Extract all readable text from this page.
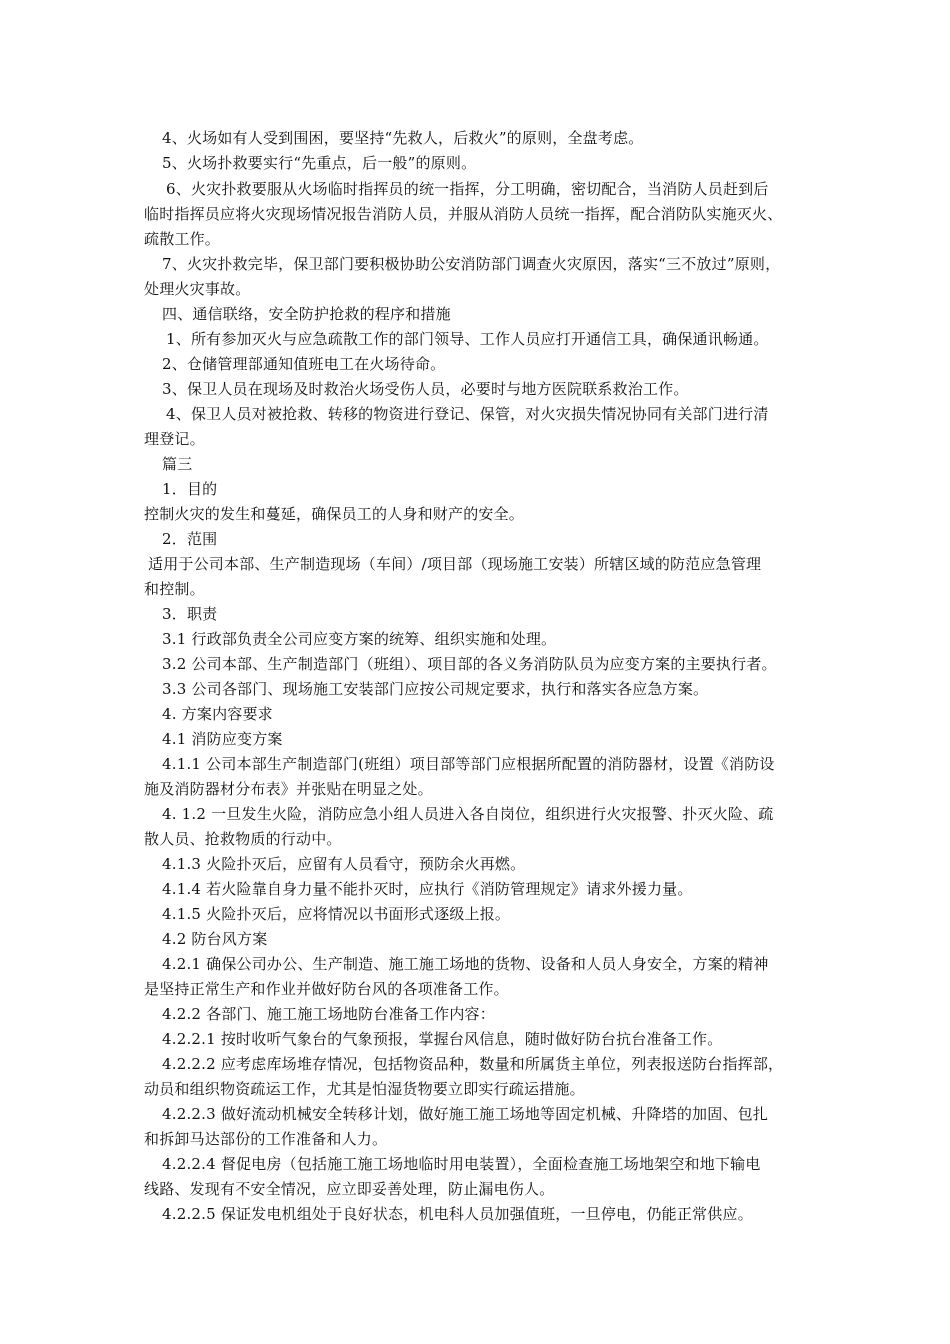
4、火场如有人受到围困，要坚持“先救人，后救火”的原则，全盘考虑。
5、火场扑救要实行“先重点，后一般”的原则。
6、火灾扑救要服从火场临时指挥员的统一指挥，分工明确，密切配合，当消防人员赶到后
临时指挥员应将火灾现场情况报告消防人员，并服从消防人员统一指挥，配合消防队实施灭火、
疏散工作。
7、火灾扑救完毕，保卫部门要积极协助公安消防部门调查火灾原因，落实“三不放过”原则，
处理火灾事故。
四、通信联络，安全防护抢救的程序和措施
1、所有参加灭火与应急疏散工作的部门领导、工作人员应打开通信工具，确保通讯畅通。
2、仓储管理部通知值班电工在火场待命。
3、保卫人员在现场及时救治火场受伤人员，必要时与地方医院联系救治工作。
4、保卫人员对被抢救、转移的物资进行登记、保管，对火灾损失情况协同有关部门进行清
理登记。
篇三
1．目的
控制火灾的发生和蔓延，确保员工的人身和财产的安全。
2．范围
适用于公司本部、生产制造现场（车间）/项目部（现场施工安装）所辖区域的防范应急管理
和控制。
3．职责
3.1 行政部负责全公司应变方案的统筹、组织实施和处理。
3.2 公司本部、生产制造部门（班组）、项目部的各义务消防队员为应变方案的主要执行者。
3.3 公司各部门、现场施工安装部门应按公司规定要求，执行和落实各应急方案。
4. 方案内容要求
4.1 消防应变方案
4.1.1 公司本部生产制造部门(班组）项目部等部门应根据所配置的消防器材，设置《消防设
施及消防器材分布表》并张贴在明显之处。
4. 1.2 一旦发生火险，消防应急小组人员进入各自岗位，组织进行火灾报警、扑灭火险、疏
散人员、抢救物质的行动中。
4.1.3 火险扑灭后，应留有人员看守，预防余火再燃。
4.1.4 若火险靠自身力量不能扑灭时，应执行《消防管理规定》请求外援力量。
4.1.5 火险扑灭后，应将情况以书面形式逐级上报。
4.2 防台风方案
4.2.1 确保公司办公、生产制造、施工施工场地的货物、设备和人员人身安全，方案的精神
是坚持正常生产和作业并做好防台风的各项准备工作。
4.2.2 各部门、施工施工场地防台准备工作内容：
4.2.2.1 按时收听气象台的气象预报，掌握台风信息，随时做好防台抗台准备工作。
4.2.2.2 应考虑库场堆存情况，包括物资品种，数量和所属货主单位，列表报送防台指挥部，
动员和组织物资疏运工作，尤其是怕湿货物要立即实行疏运措施。
4.2.2.3 做好流动机械安全转移计划，做好施工施工场地等固定机械、升降塔的加固、包扎
和拆卸马达部份的工作准备和人力。
4.2.2.4 督促电房（包括施工施工场地临时用电装置），全面检查施工场地架空和地下输电
线路、发现有不安全情况，应立即妥善处理，防止漏电伤人。
4.2.2.5 保证发电机组处于良好状态，机电科人员加强值班，一旦停电，仍能正常供应。
